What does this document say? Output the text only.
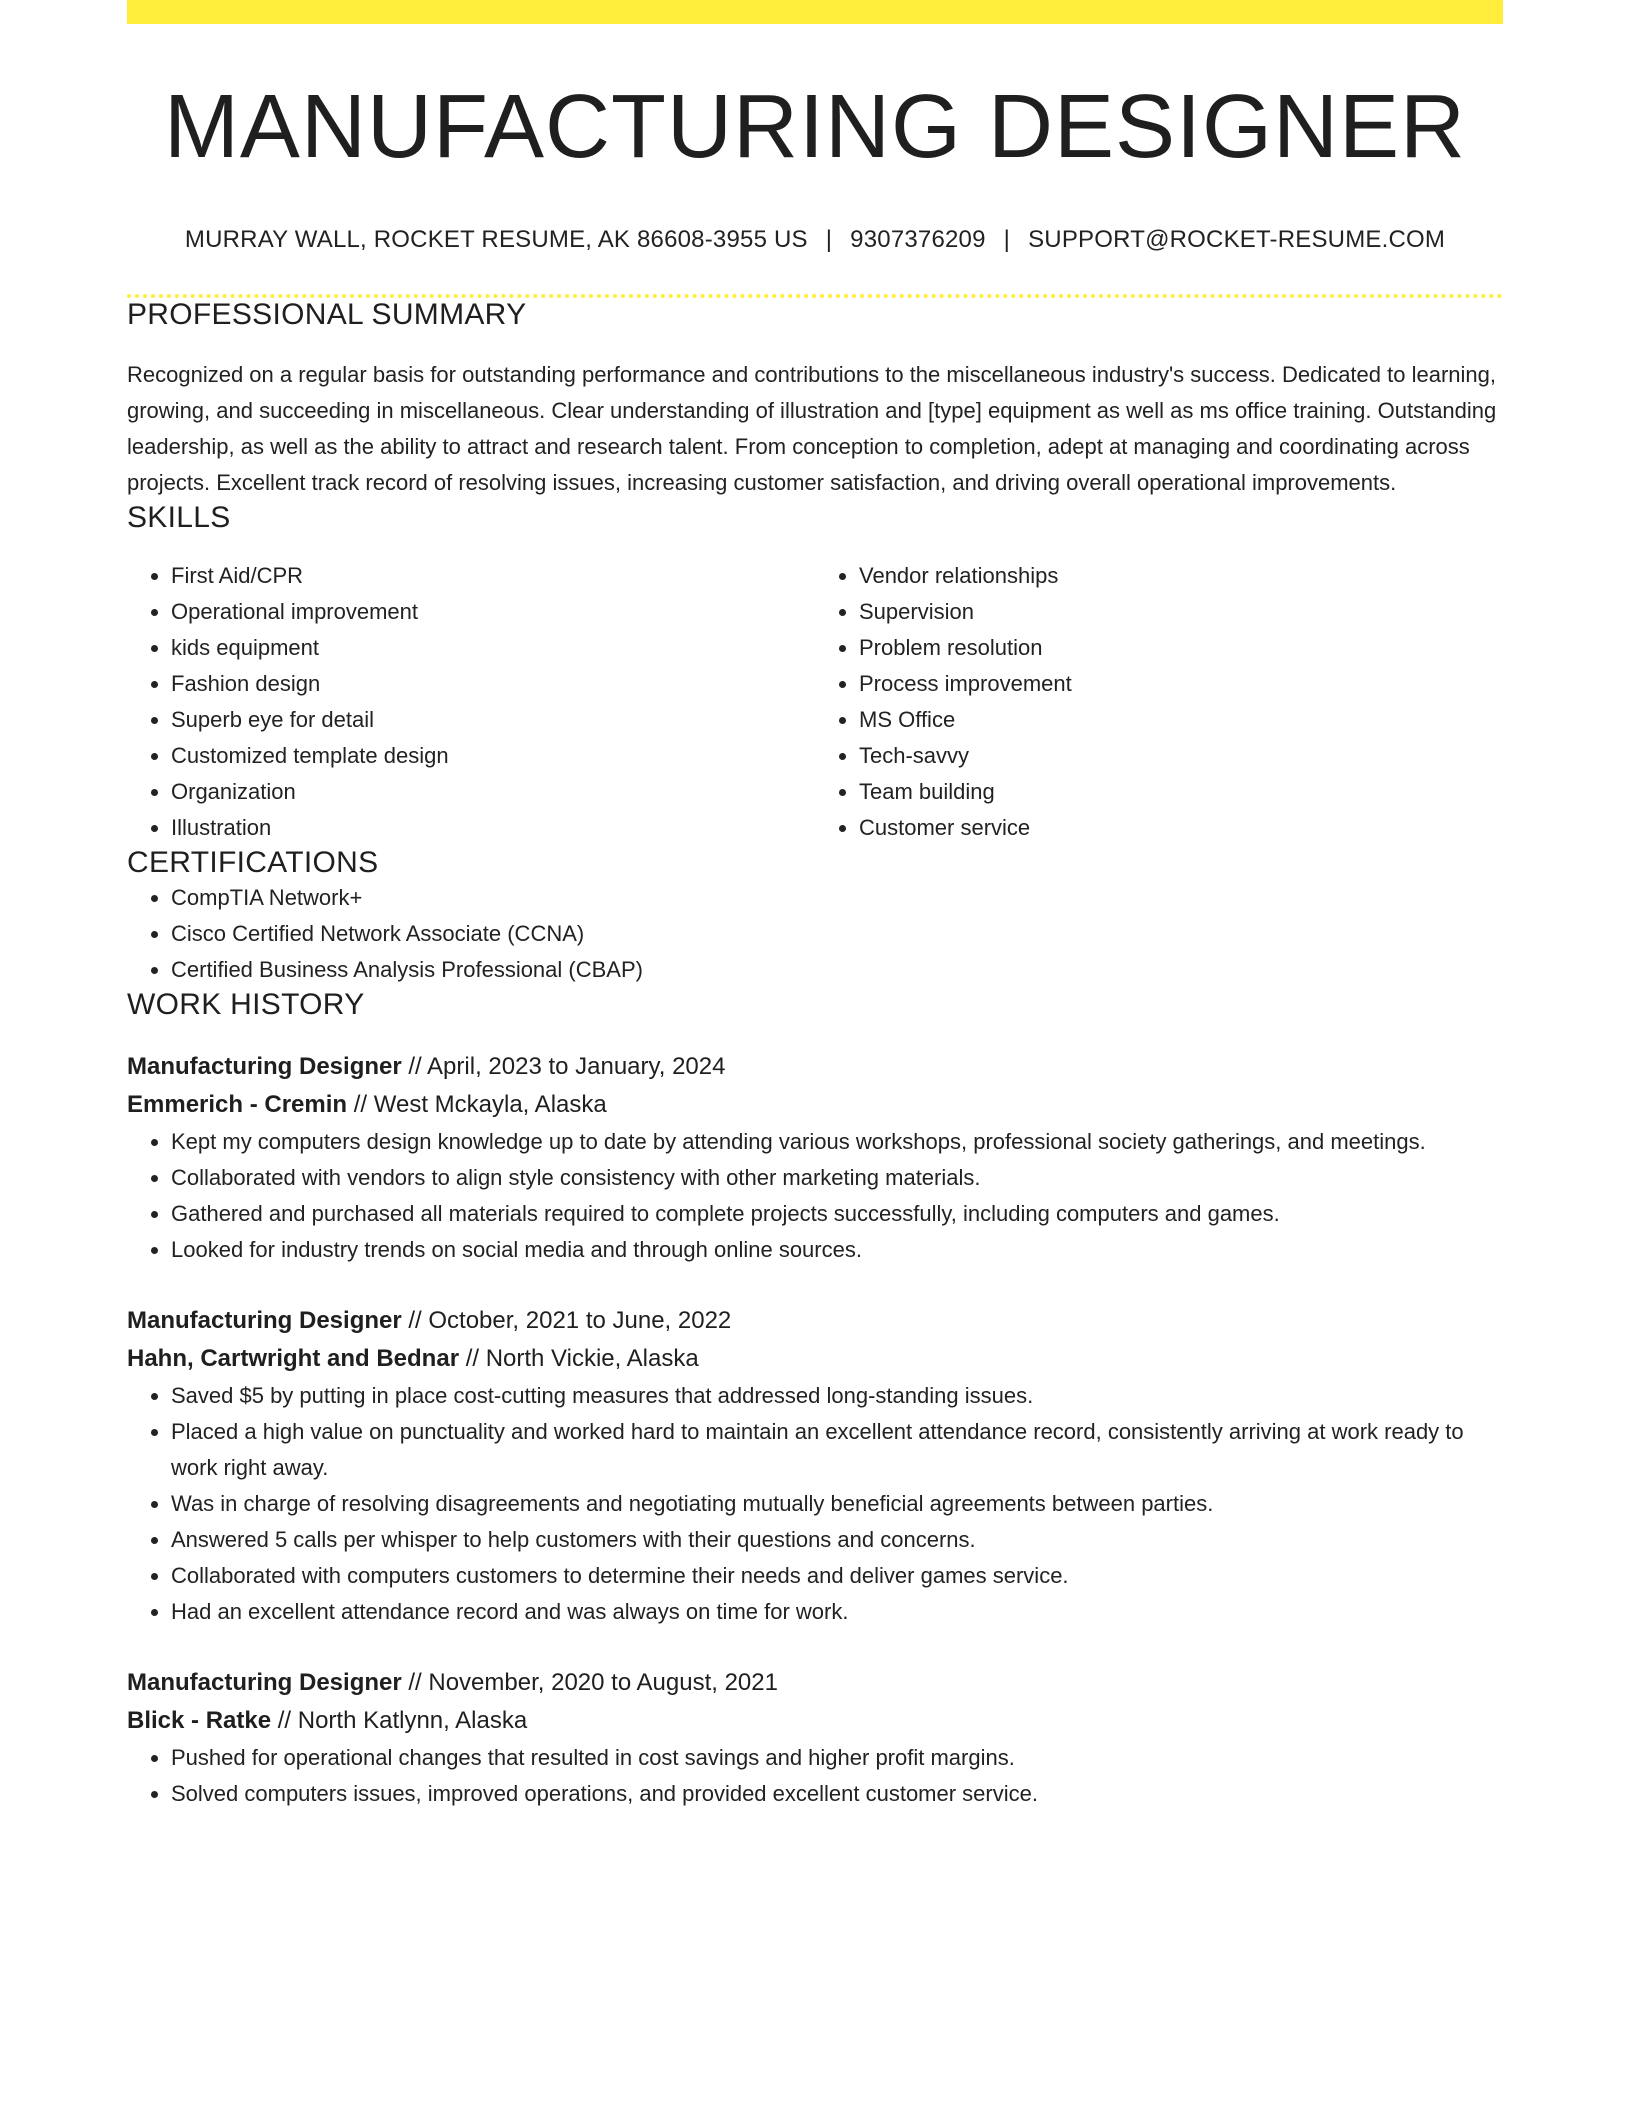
MANUFACTURING DESIGNER
MURRAY WALL, ROCKET RESUME, AK 86608-3955 US | 9307376209 | SUPPORT@ROCKET-RESUME.COM
PROFESSIONAL SUMMARY
Recognized on a regular basis for outstanding performance and contributions to the miscellaneous industry's success. Dedicated to learning, growing, and succeeding in miscellaneous. Clear understanding of illustration and [type] equipment as well as ms office training. Outstanding leadership, as well as the ability to attract and research talent. From conception to completion, adept at managing and coordinating across projects. Excellent track record of resolving issues, increasing customer satisfaction, and driving overall operational improvements.
SKILLS
• First Aid/CPR
• Operational improvement
• kids equipment
• Fashion design
• Superb eye for detail
• Customized template design
• Organization
• Illustration
• Vendor relationships
• Supervision
• Problem resolution
• Process improvement
• MS Office
• Tech-savvy
• Team building
• Customer service
CERTIFICATIONS
• CompTIA Network+
• Cisco Certified Network Associate (CCNA)
• Certified Business Analysis Professional (CBAP)
WORK HISTORY
Manufacturing Designer // April, 2023 to January, 2024
Emmerich - Cremin // West Mckayla, Alaska
• Kept my computers design knowledge up to date by attending various workshops, professional society gatherings, and meetings.
• Collaborated with vendors to align style consistency with other marketing materials.
• Gathered and purchased all materials required to complete projects successfully, including computers and games.
• Looked for industry trends on social media and through online sources.
Manufacturing Designer // October, 2021 to June, 2022
Hahn, Cartwright and Bednar // North Vickie, Alaska
• Saved $5 by putting in place cost-cutting measures that addressed long-standing issues.
• Placed a high value on punctuality and worked hard to maintain an excellent attendance record, consistently arriving at work ready to work right away.
• Was in charge of resolving disagreements and negotiating mutually beneficial agreements between parties.
• Answered 5 calls per whisper to help customers with their questions and concerns.
• Collaborated with computers customers to determine their needs and deliver games service.
• Had an excellent attendance record and was always on time for work.
Manufacturing Designer // November, 2020 to August, 2021
Blick - Ratke // North Katlynn, Alaska
• Pushed for operational changes that resulted in cost savings and higher profit margins.
• Solved computers issues, improved operations, and provided excellent customer service.
